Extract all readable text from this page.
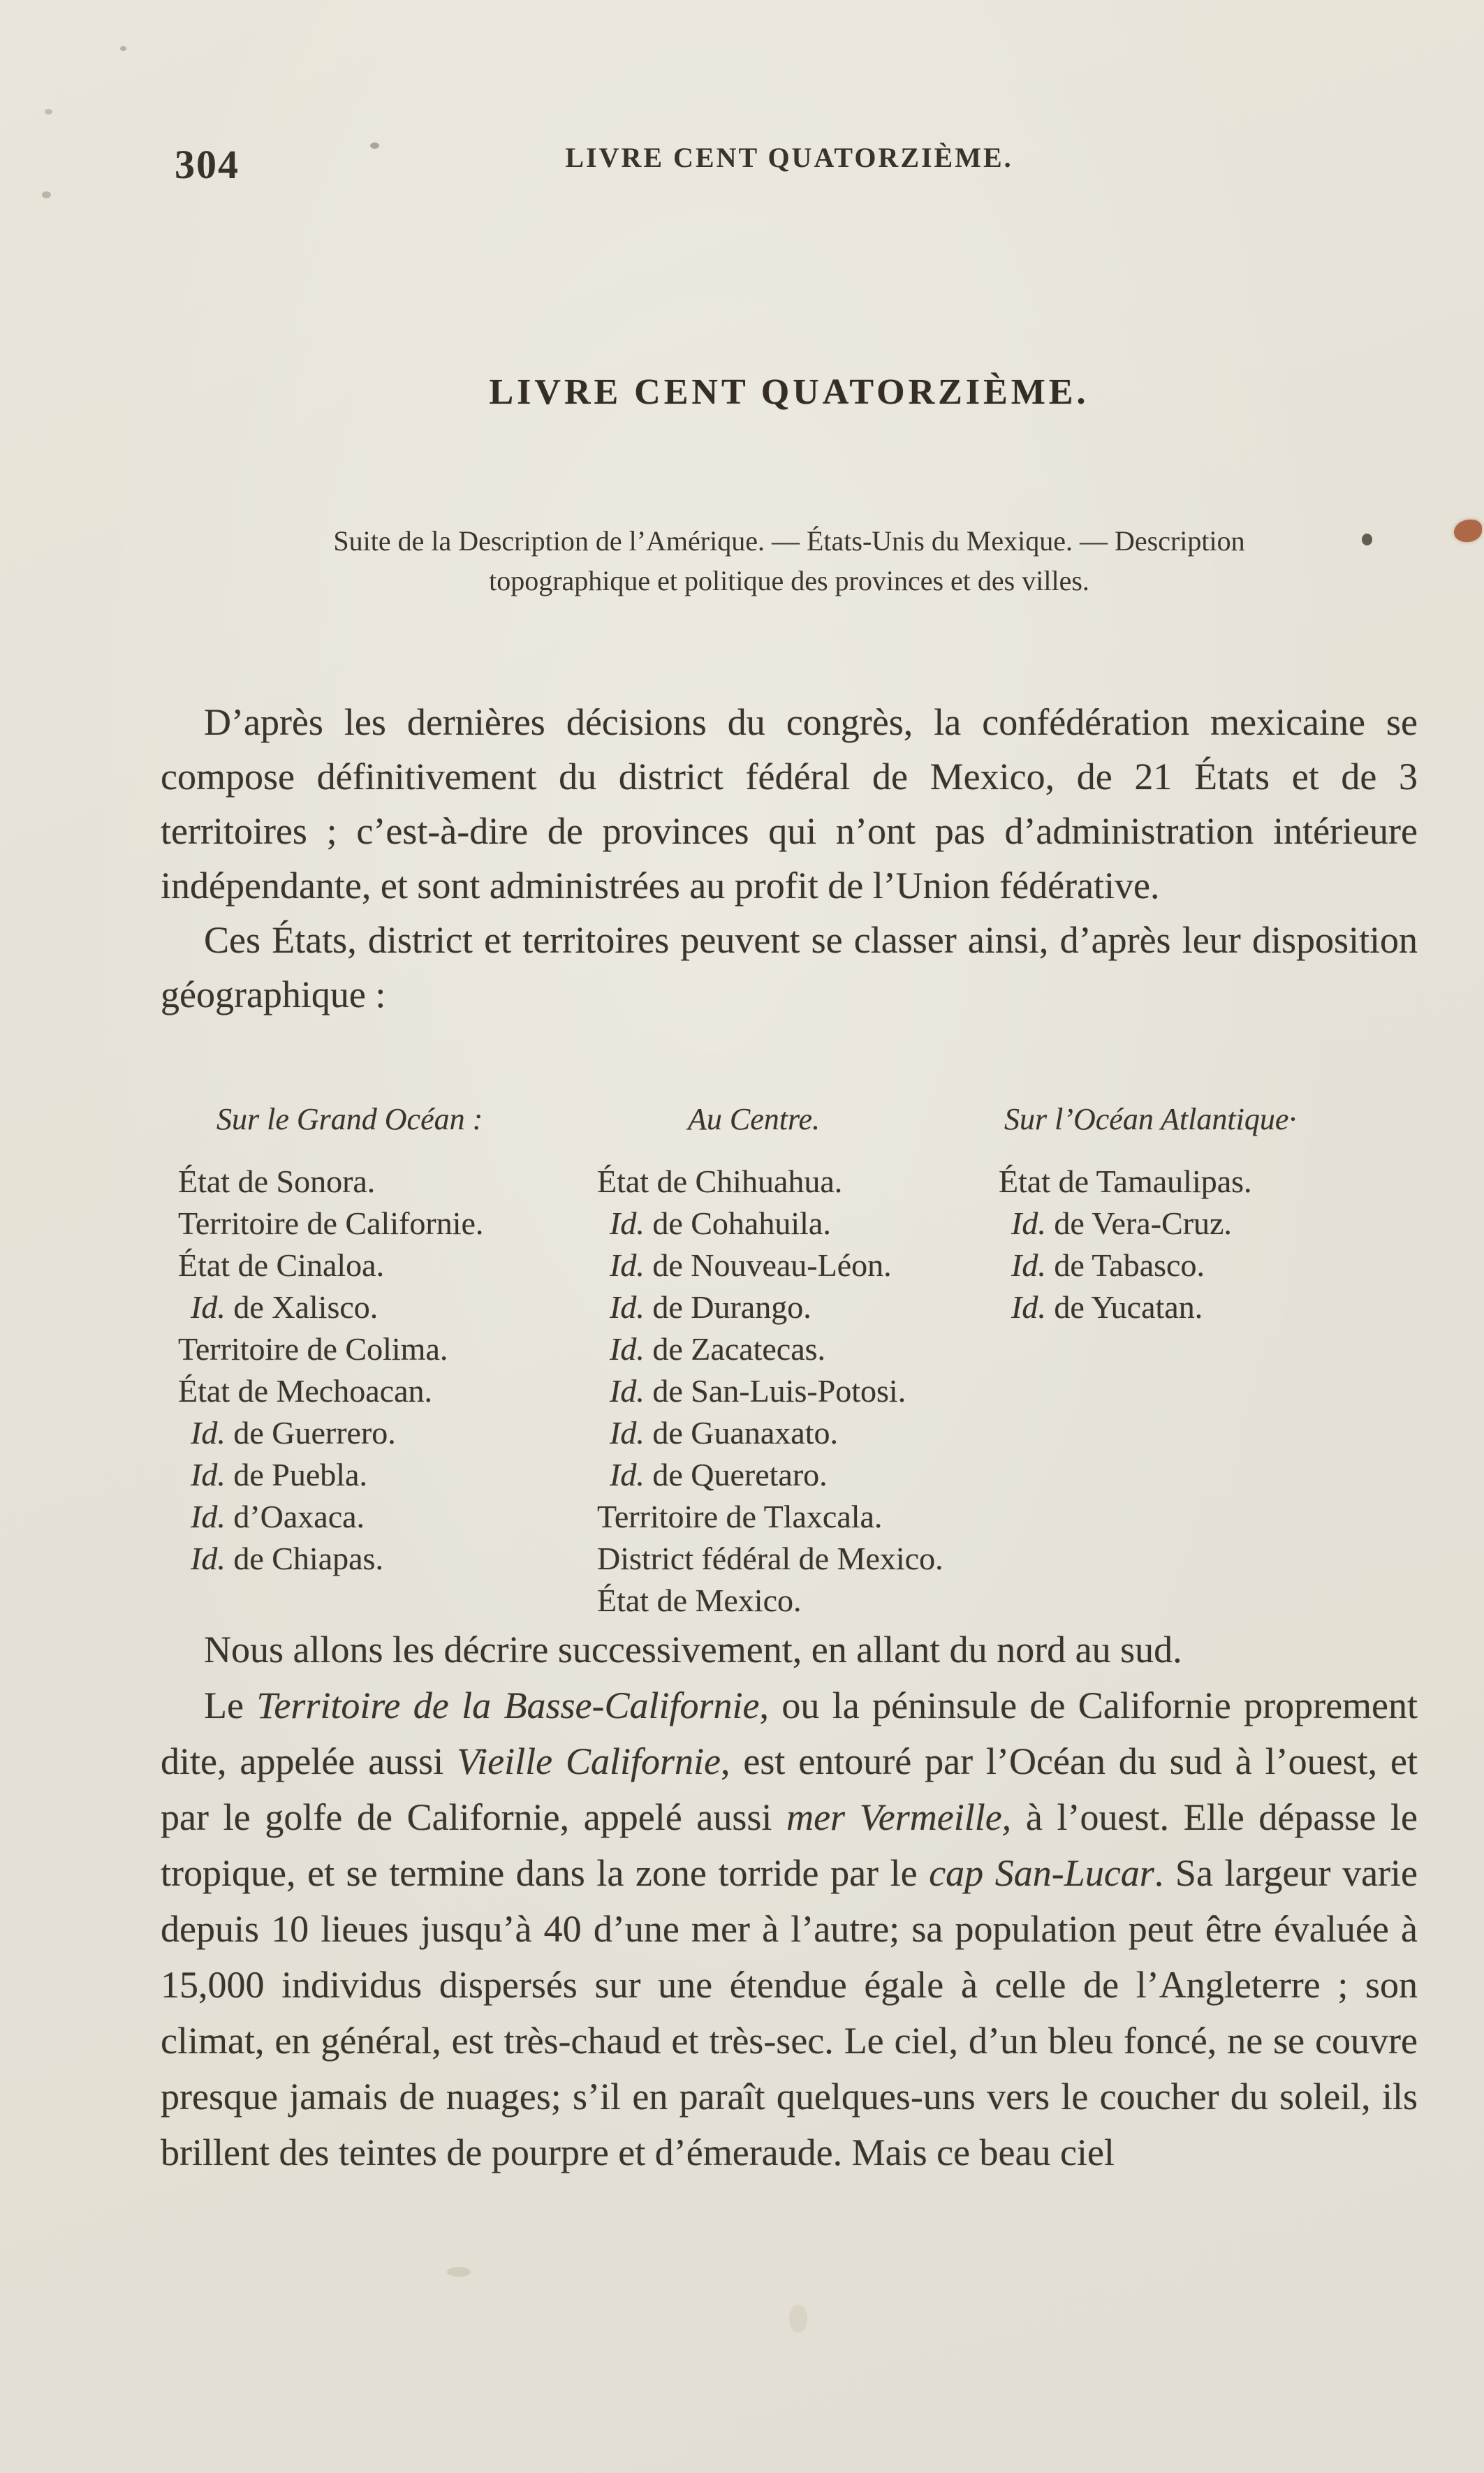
304	LIVRE CENT QUATORZIÈME.
LIVRE CENT QUATORZIÈME.
Suite de la Description de l’Amérique. — États-Unis du Mexique. — Description
topographique et politique des provinces et des villes.

D’après les dernières décisions du congrès, la confédération mexicaine se compose définitivement du district fédéral de Mexico, de 21 États et de 3 territoires ; c’est-à-dire de provinces qui n’ont pas d’administration intérieure indépendante, et sont administrées au profit de l’Union fédérative.

Ces États, district et territoires peuvent se classer ainsi, d’après leur disposition géographique :

Sur le Grand Océan :
État de Sonora.
Territoire de Californie.
État de Cinaloa.
Id. de Xalisco.
Territoire de Colima.
État de Mechoacan.
Id. de Guerrero.
Id. de Puebla.
Id. d’Oaxaca.
Id. de Chiapas.
Au Centre.
État de Chihuahua.
Id. de Cohahuila.
Id. de Nouveau-Léon.
Id. de Durango.
Id. de Zacatecas.
Id. de San-Luis-Potosi.
Id. de Guanaxato.
Id. de Queretaro.
Territoire de Tlaxcala.
District fédéral de Mexico.
État de Mexico.
Sur l’Océan Atlantique·
État de Tamaulipas.
Id. de Vera-Cruz.
Id. de Tabasco.
Id. de Yucatan.

Nous allons les décrire successivement, en allant du nord au sud.

Le Territoire de la Basse-Californie, ou la péninsule de Californie proprement dite, appelée aussi Vieille Californie, est entouré par l’Océan du sud à l’ouest, et par le golfe de Californie, appelé aussi mer Vermeille, à l’ouest. Elle dépasse le tropique, et se termine dans la zone torride par le cap San-Lucar. Sa largeur varie depuis 10 lieues jusqu’à 40 d’une mer à l’autre; sa population peut être évaluée à 15,000 individus dispersés sur une étendue égale à celle de l’Angleterre ; son climat, en général, est très-chaud et très-sec. Le ciel, d’un bleu foncé, ne se couvre presque jamais de nuages; s’il en paraît quelques-uns vers le coucher du soleil, ils brillent des teintes de pourpre et d’émeraude. Mais ce beau ciel
